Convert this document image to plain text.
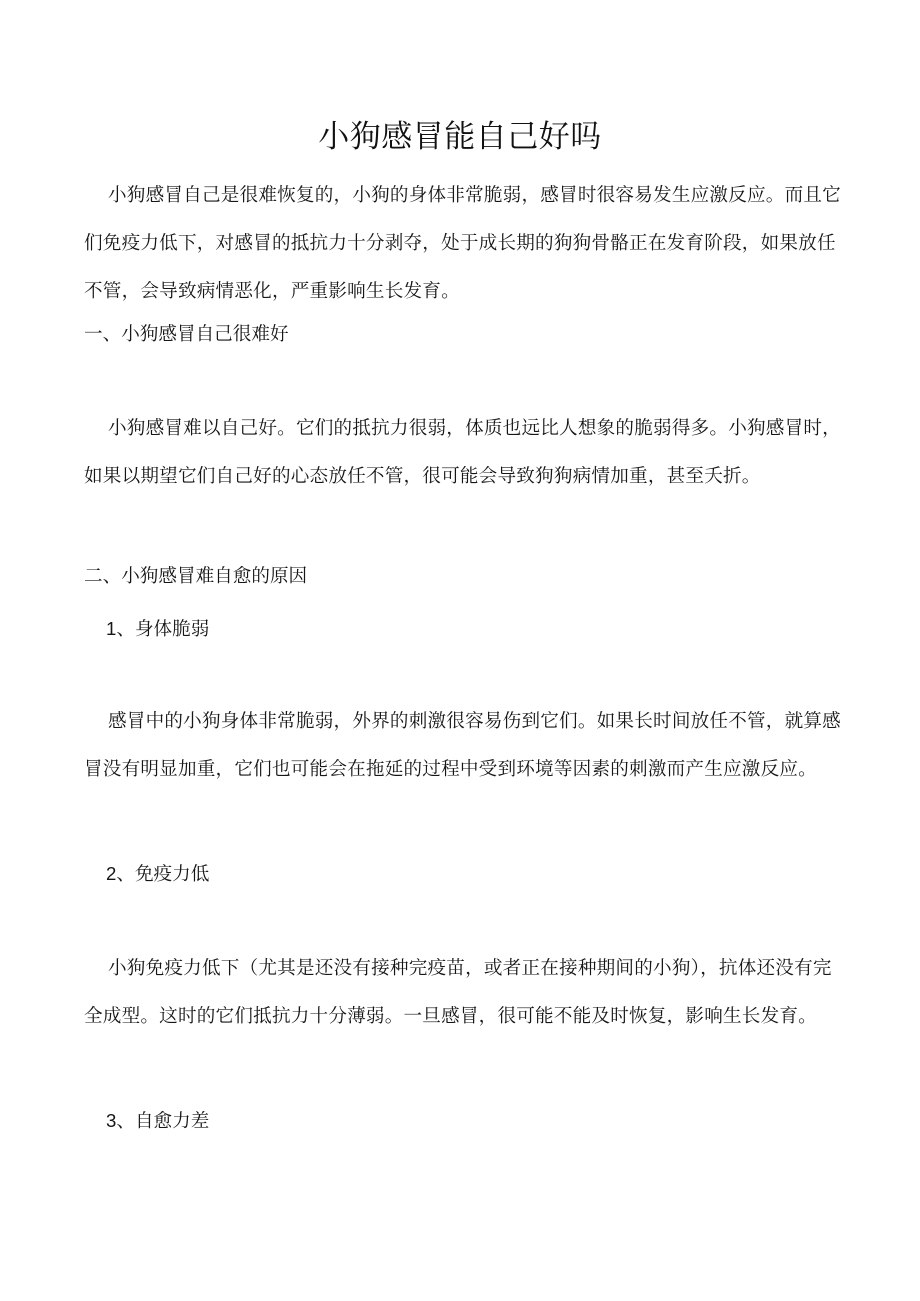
小狗感冒能自己好吗
小狗感冒自己是很难恢复的，小狗的身体非常脆弱，感冒时很容易发生应激反应。而且它们免疫力低下，对感冒的抵抗力十分剥夺，处于成长期的狗狗骨骼正在发育阶段，如果放任不管，会导致病情恶化，严重影响生长发育。
一、小狗感冒自己很难好
小狗感冒难以自己好。它们的抵抗力很弱，体质也远比人想象的脆弱得多。小狗感冒时，如果以期望它们自己好的心态放任不管，很可能会导致狗狗病情加重，甚至夭折。
二、小狗感冒难自愈的原因
1、身体脆弱
感冒中的小狗身体非常脆弱，外界的刺激很容易伤到它们。如果长时间放任不管，就算感冒没有明显加重，它们也可能会在拖延的过程中受到环境等因素的刺激而产生应激反应。
2、免疫力低
小狗免疫力低下（尤其是还没有接种完疫苗，或者正在接种期间的小狗），抗体还没有完全成型。这时的它们抵抗力十分薄弱。一旦感冒，很可能不能及时恢复，影响生长发育。
3、自愈力差
